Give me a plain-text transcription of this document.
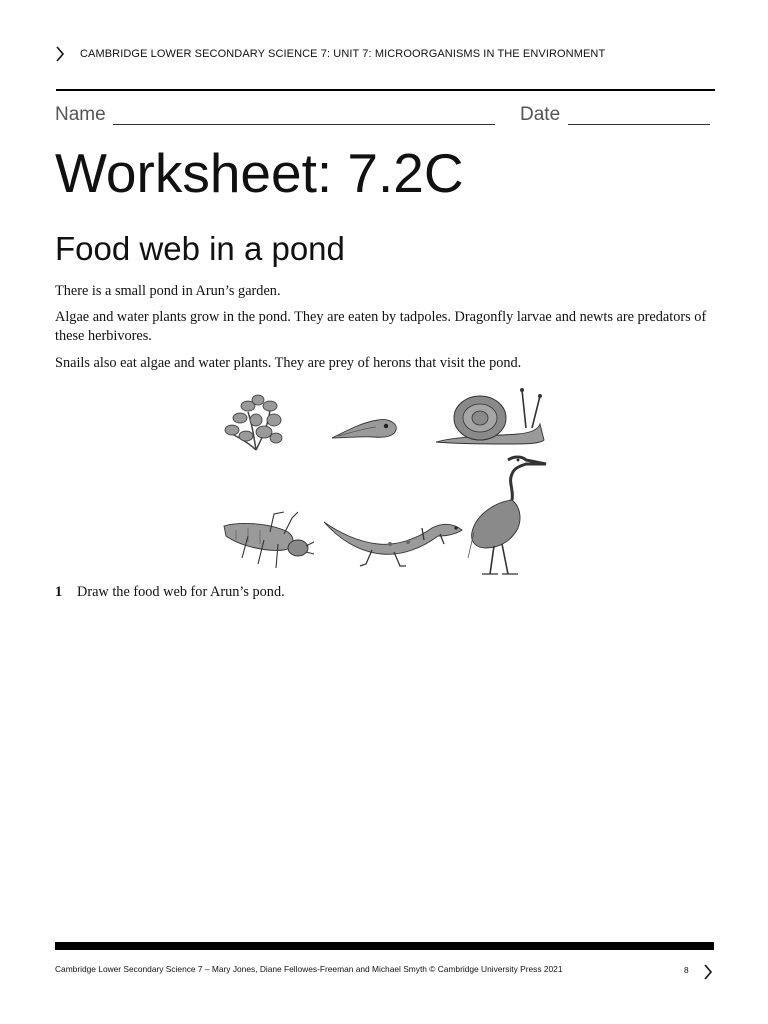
CAMBRIDGE LOWER SECONDARY SCIENCE 7: UNIT 7: MICROORGANISMS IN THE ENVIRONMENT
Name	Date
Worksheet: 7.2C
Food web in a pond
There is a small pond in Arun’s garden.
Algae and water plants grow in the pond. They are eaten by tadpoles. Dragonfly larvae and newts are predators of these herbivores.
Snails also eat algae and water plants. They are prey of herons that visit the pond.
1 Draw the food web for Arun’s pond.
Cambridge Lower Secondary Science 7 – Mary Jones, Diane Fellowes-Freeman and Michael Smyth © Cambridge University Press 2021	8
